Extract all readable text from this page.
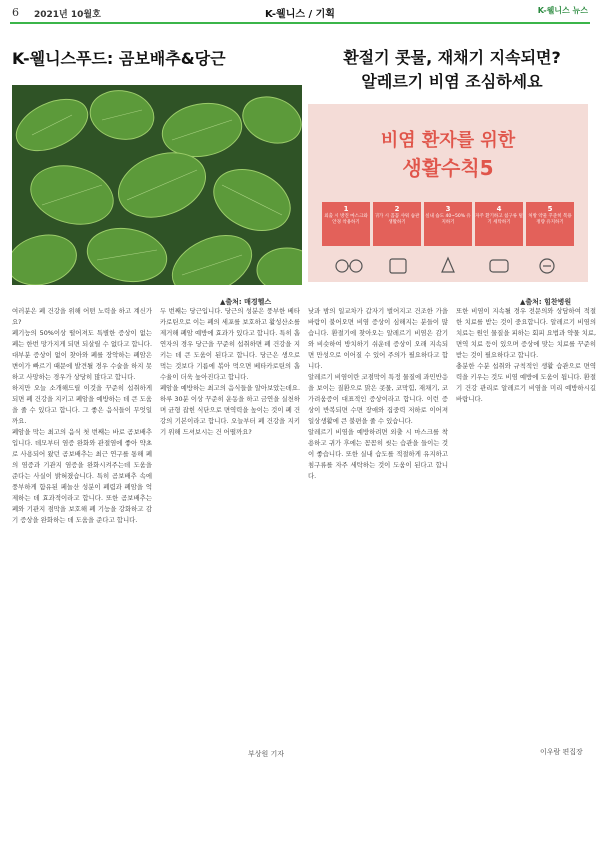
6 2021년 10월호	K-웰니스 / 기획	K-웰니스 뉴스
K-웰니스푸드: 곰보배추&당근
▲출처: 매경헬스
환절기 콧물, 재채기 지속되면?
알레르기 비염 조심하세요
비염 환자를 위한
생활수칙5
1
외출 시 방진 마스크와 안경 착용하기
2
귀가 시 꼼꼼 샤워 습관 생활하기
3
실내 습도 40~50% 유지하기
4
자주 환기하고 침구류 털기 세탁하기
5
처방 약물 꾸준히 복용 정량 유지하기
▲출처: 힘찬병원
여러분은 폐 건강을 위해 어떤 노력을 하고 계신가요?
폐기능의 50%이상 떨어져도 특별한 증상이 없는 폐는 한번 망가지게 되면 되살릴 수 없다고 합니다. 대부분 증상이 없이 찾아와 폐를 장악하는 폐암은 변이가 빠르기 때문에 발견될 경우 수술을 하지 못하고 사망하는 경우가 상당히 많다고 합니다.
하지만 오늘 소개해드릴 이것을 꾸준히 섭취하게 되면 폐 건강을 지키고 폐암을 예방하는 데 큰 도움을 줄 수 있다고 합니다. 그 좋은 음식들이 무엇일까요.
폐암을 막는 최고의 음식 첫 번째는 바로 곰보배추입니다. 데모부터 염증 완화와 관절염에 좋아 약초로 사용되어 왔던 곰보배추는 최근 연구를 통해 폐의 염증과 기관지 염증을 완화시켜주는데 도움을 준다는 사실이 밝혀졌습니다. 특히 곰보배추 속에 풍부하게 함유된 페놀산 성분이 폐렴과 폐암을 억제하는 데 효과적이라고 합니다. 또한 곰보배추는 폐와 기관지 점막을 보호해 폐 기능을 강화하고 감기 증상을 완화하는 데 도움을 준다고 합니다.
두 번째는 당근입니다. 당근의 성분은 풍부한 베타카로틴으로 이는 폐의 세포를 보호하고 활성산소를 제거해 폐암 예방에 효과가 있다고 합니다. 특히 흡연자의 경우 당근을 꾸준히 섭취하면 폐 건강을 지키는 데 큰 도움이 된다고 합니다. 당근은 생으로 먹는 것보다 기름에 볶아 먹으면 베타카로틴의 흡수율이 더욱 높아진다고 합니다.
폐암을 예방하는 최고의 음식들을 알아보았는데요. 하루 30분 이상 꾸준히 운동을 하고 금연을 실천하며 균형 잡힌 식단으로 면역력을 높이는 것이 폐 건강의 기본이라고 합니다. 오늘부터 폐 건강을 지키기 위해 드셔보시는 건 어떨까요?
부상원 기자
낮과 밤의 일교차가 갑자기 벌어지고 건조한 가을바람이 불어오면 비염 증상이 심해지는 분들이 많습니다. 환절기에 찾아오는 알레르기 비염은 감기와 비슷하여 방치하기 쉬운데 증상이 오래 지속되면 만성으로 이어질 수 있어 주의가 필요하다고 합니다.
알레르기 비염이란 코점막이 특정 물질에 과민반응을 보이는 질환으로 맑은 콧물, 코막힘, 재채기, 코 가려움증이 대표적인 증상이라고 합니다. 이런 증상이 반복되면 수면 장애와 집중력 저하로 이어져 일상생활에 큰 불편을 줄 수 있습니다.
알레르기 비염을 예방하려면 외출 시 마스크를 착용하고 귀가 후에는 꼼꼼히 씻는 습관을 들이는 것이 좋습니다. 또한 실내 습도를 적절하게 유지하고 침구류를 자주 세탁하는 것이 도움이 된다고 합니다.
또한 비염이 지속될 경우 전문의와 상담하여 적절한 치료를 받는 것이 중요합니다. 알레르기 비염의 치료는 원인 물질을 피하는 회피 요법과 약물 치료, 면역 치료 등이 있으며 증상에 맞는 치료를 꾸준히 받는 것이 필요하다고 합니다.
충분한 수분 섭취와 규칙적인 생활 습관으로 면역력을 키우는 것도 비염 예방에 도움이 됩니다. 환절기 건강 관리로 알레르기 비염을 미리 예방하시길 바랍니다.
이우람 편집장
